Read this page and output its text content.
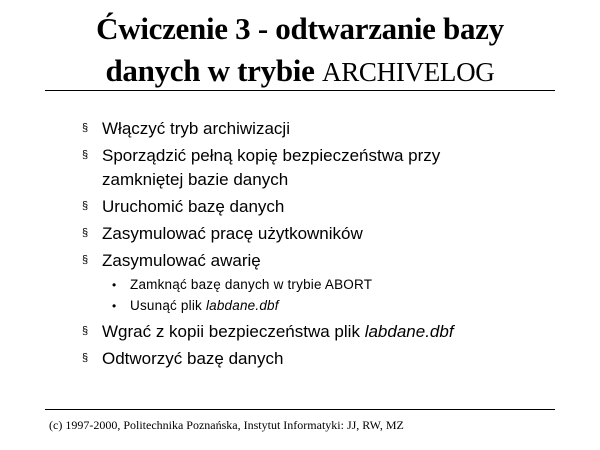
Ćwiczenie 3 - odtwarzanie bazy
danych w trybie ARCHIVELOG
§ Włączyć tryb archiwizacji
§ Sporządzić pełną kopię bezpieczeństwa przy
zamkniętej bazie danych
§ Uruchomić bazę danych
§ Zasymulować pracę użytkowników
§ Zasymulować awarię
• Zamknąć bazę danych w trybie ABORT
• Usunąć plik labdane.dbf
§ Wgrać z kopii bezpieczeństwa plik labdane.dbf
§ Odtworzyć bazę danych
(c) 1997-2000, Politechnika Poznańska, Instytut Informatyki: JJ, RW, MZ
